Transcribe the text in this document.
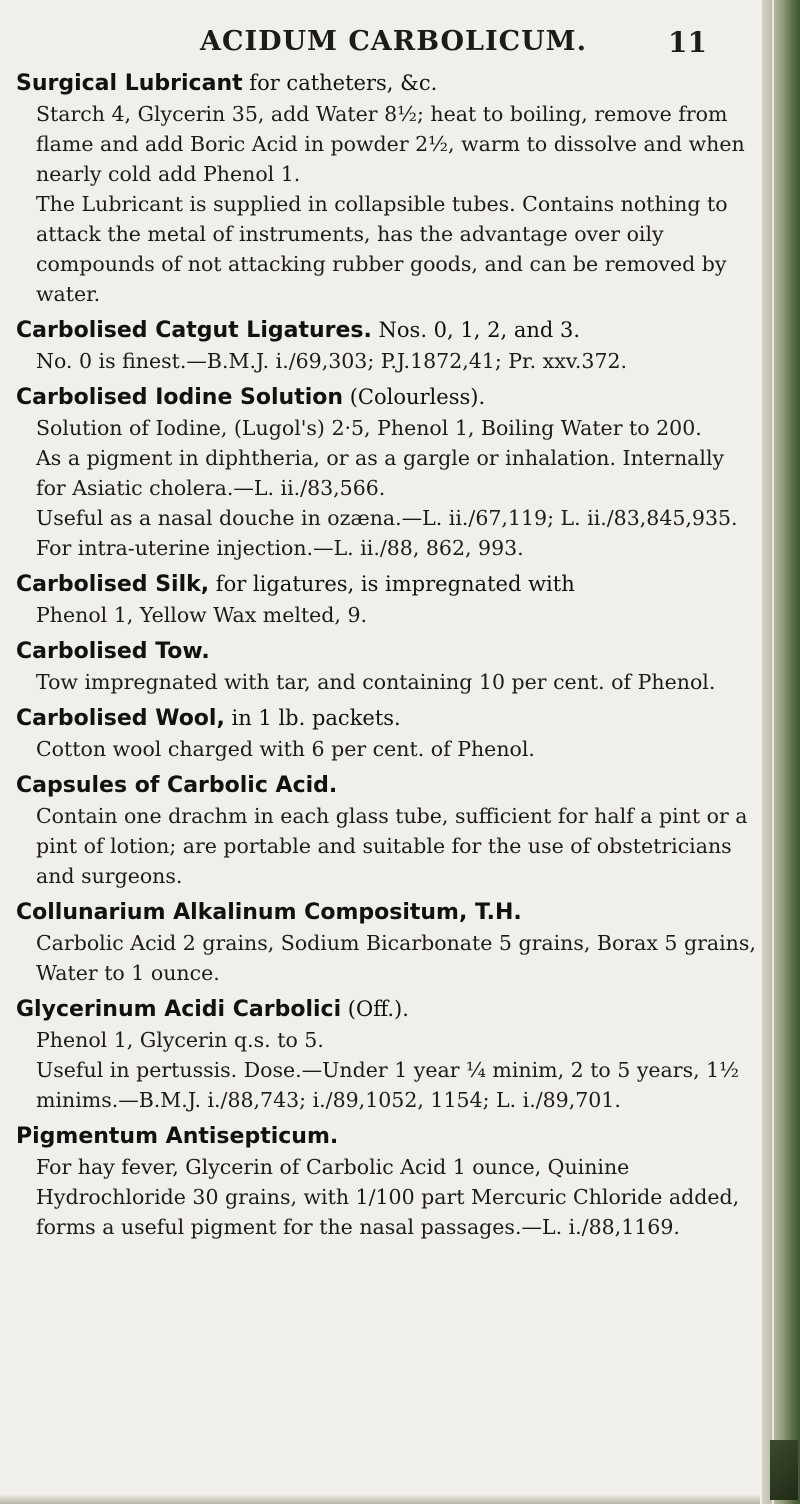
ACIDUM CARBOLICUM.	11
Surgical Lubricant for catheters, &c.

Starch 4, Glycerin 35, add Water 8½; heat to boiling, remove from flame and add Boric Acid in powder 2½, warm to dissolve and when nearly cold add Phenol 1.

The Lubricant is supplied in collapsible tubes. Contains nothing to attack the metal of instruments, has the advantage over oily compounds of not attacking rubber goods, and can be removed by water.

Carbolised Catgut Ligatures. Nos. 0, 1, 2, and 3.

No. 0 is finest.—B.M.J. i./69,303; P.J.1872,41; Pr. xxv.372.

Carbolised Iodine Solution (Colourless).

Solution of Iodine, (Lugol's) 2·5, Phenol 1, Boiling Water to 200.

As a pigment in diphtheria, or as a gargle or inhalation. Internally for Asiatic cholera.—L. ii./83,566.

Useful as a nasal douche in ozæna.—L. ii./67,119; L. ii./83,845,935. For intra-uterine injection.—L. ii./88, 862, 993.

Carbolised Silk, for ligatures, is impregnated with

Phenol 1, Yellow Wax melted, 9.

Carbolised Tow.

Tow impregnated with tar, and containing 10 per cent. of Phenol.

Carbolised Wool, in 1 lb. packets.

Cotton wool charged with 6 per cent. of Phenol.

Capsules of Carbolic Acid.

Contain one drachm in each glass tube, sufficient for half a pint or a pint of lotion; are portable and suitable for the use of obstetricians and surgeons.

Collunarium Alkalinum Compositum, T.H.

Carbolic Acid 2 grains, Sodium Bicarbonate 5 grains, Borax 5 grains, Water to 1 ounce.

Glycerinum Acidi Carbolici (Off.).

Phenol 1, Glycerin q.s. to 5.

Useful in pertussis. Dose.—Under 1 year ¼ minim, 2 to 5 years, 1½ minims.—B.M.J. i./88,743; i./89,1052, 1154; L. i./89,701.

Pigmentum Antisepticum.

For hay fever, Glycerin of Carbolic Acid 1 ounce, Quinine Hydrochloride 30 grains, with 1/100 part Mercuric Chloride added, forms a useful pigment for the nasal passages.—L. i./88,1169.
